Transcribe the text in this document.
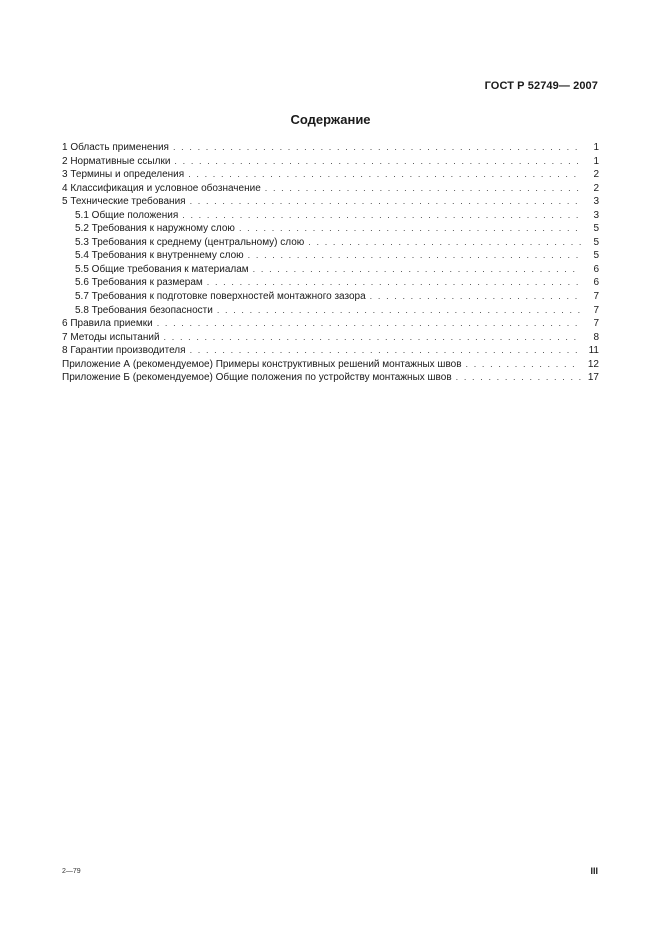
ГОСТ Р 52749— 2007
Содержание
1 Область применения . . .	1
2 Нормативные ссылки . . .	1
3 Термины и определения . . .	2
4 Классификация и условное обозначение . . .	2
5 Технические требования . . .	3
5.1 Общие положения . . .	3
5.2 Требования к наружному слою . . .	5
5.3 Требования к среднему (центральному) слою . . .	5
5.4 Требования к внутреннему слою . . .	5
5.5 Общие требования к материалам . . .	6
5.6 Требования к размерам . . .	6
5.7 Требования к подготовке поверхностей монтажного зазора . . .	7
5.8 Требования безопасности . . .	7
6 Правила приемки . . .	7
7 Методы испытаний . . .	8
8 Гарантии производителя . . .	11
Приложение А (рекомендуемое) Примеры конструктивных решений монтажных швов . . .	12
Приложение Б (рекомендуемое) Общие положения по устройству монтажных швов . . .	17
2—79	III
